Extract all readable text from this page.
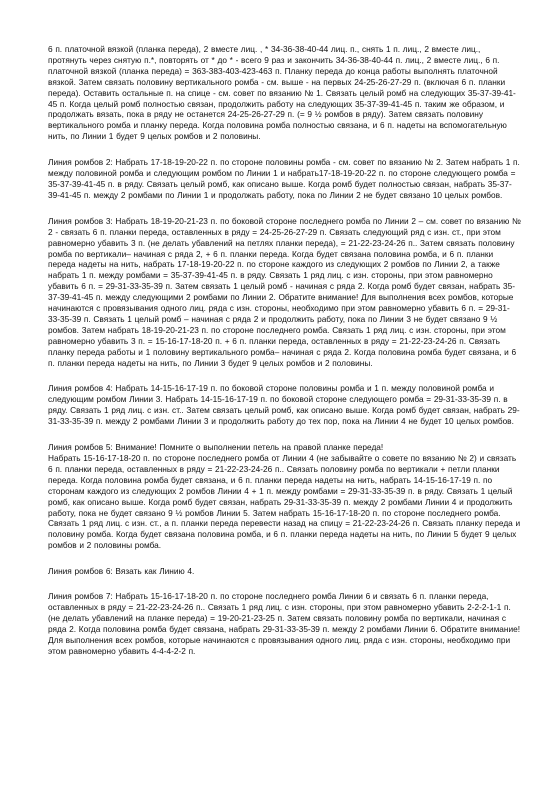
6 п. платочной вязкой (планка переда), 2 вместе лиц. , * 34-36-38-40-44 лиц. п., снять 1 п. лиц., 2 вместе лиц., протянуть через снятую п.*, повторять от * до * - всего 9 раз и закончить 34-36-38-40-44 п. лиц., 2 вместе лиц., 6 п. платочной вязкой (планка переда) = 363-383-403-423-463 п. Планку переда до конца работы выполнять платочной вязкой. Затем связать половину вертикального ромба - см. выше - на первых 24-25-26-27-29 п. (включая 6 п. планки переда). Оставить остальные п. на спице - см. совет по вязанию № 1. Связать целый ромб на следующих 35-37-39-41-45 п. Когда целый ромб полностью связан, продолжить работу на следующих 35-37-39-41-45 п. таким же образом, и продолжать вязать, пока в ряду не останется 24-25-26-27-29 п. (= 9 ½ ромбов в ряду). Затем связать половину вертикального ромба и планку переда. Когда половина ромба полностью связана, и 6 п. надеты на вспомогательную нить, по Линии 1 будет 9 целых ромбов и 2 половины.

Линия ромбов 2: Набрать 17-18-19-20-22 п. по стороне половины ромба - см. совет по вязанию № 2. Затем набрать 1 п. между половиной ромба и следующим ромбом по Линии 1 и набрать17-18-19-20-22 п. по стороне следующего ромба = 35-37-39-41-45 п. в ряду. Связать целый ромб, как описано выше. Когда ромб будет полностью связан, набрать 35-37-39-41-45 п. между 2 ромбами по Линии 1 и продолжать работу, пока по Линии 2 не будет связано 10 целых ромбов.

Линия ромбов 3: Набрать 18-19-20-21-23 п. по боковой стороне последнего ромба по Линии 2 – см. совет по вязанию № 2 - связать 6 п. планки переда, оставленных в ряду = 24-25-26-27-29 п. Связать следующий ряд с изн. ст., при этом равномерно убавить 3 п. (не делать убавлений на петлях планки переда), = 21-22-23-24-26 п.. Затем связать половину ромба по вертикали– начиная с ряда 2, + 6 п. планки переда. Когда будет связана половина ромба, и 6 п. планки переда надеты на нить, набрать 17-18-19-20-22 п. по стороне каждого из следующих 2 ромбов по Линии 2, а также набрать 1 п. между ромбами = 35-37-39-41-45 п. в ряду. Связать 1 ряд лиц. с изн. стороны, при этом равномерно убавить 6 п. = 29-31-33-35-39 п. Затем связать 1 целый ромб - начиная с ряда 2. Когда ромб будет связан, набрать 35-37-39-41-45 п. между следующими 2 ромбами по Линии 2. Обратите внимание! Для выполнения всех ромбов, которые начинаются с провязывания одного лиц. ряда с изн. стороны, необходимо при этом равномерно убавить 6 п. = 29-31-33-35-39 п. Связать 1 целый ромб – начиная с ряда 2 и продолжить работу, пока по Линии 3 не будет связано 9 ½ ромбов. Затем набрать 18-19-20-21-23 п. по стороне последнего ромба. Связать 1 ряд лиц. с изн. стороны, при этом равномерно убавить 3 п. = 15-16-17-18-20 п. + 6 п. планки переда, оставленных в ряду = 21-22-23-24-26 п. Связать планку переда работы и 1 половину вертикального ромба– начиная с ряда 2. Когда половина ромба будет связана, и 6 п. планки переда надеты на нить, по Линии 3 будет 9 целых ромбов и 2 половины.

Линия ромбов 4: Набрать 14-15-16-17-19 п. по боковой стороне половины ромба и 1 п. между половиной ромба и следующим ромбом Линии 3. Набрать 14-15-16-17-19 п. по боковой стороне следующего ромба = 29-31-33-35-39 п. в ряду. Связать 1 ряд лиц. с изн. ст.. Затем связать целый ромб, как описано выше. Когда ромб будет связан, набрать 29-31-33-35-39 п. между 2 ромбами Линии 3 и продолжить работу до тех пор, пока на Линии 4 не будет 10 целых ромбов.

Линия ромбов 5: Внимание! Помните о выполнении петель на правой планке переда!
Набрать 15-16-17-18-20 п. по стороне последнего ромба от Линии 4 (не забывайте о совете по вязанию № 2) и связать 6 п. планки переда, оставленных в ряду = 21-22-23-24-26 п.. Связать половину ромба по вертикали + петли планки переда. Когда половина ромба будет связана, и 6 п. планки переда надеты на нить, набрать 14-15-16-17-19 п. по сторонам каждого из следующих 2 ромбов Линии 4 + 1 п. между ромбами = 29-31-33-35-39 п. в ряду. Связать 1 целый ромб, как описано выше. Когда ромб будет связан, набрать 29-31-33-35-39 п. между 2 ромбами Линии 4 и продолжить работу, пока не будет связано 9 ½ ромбов Линии 5. Затем набрать 15-16-17-18-20 п. по стороне последнего ромба. Связать 1 ряд лиц. с изн. ст., а п. планки переда перевести назад на спицу = 21-22-23-24-26 п. Связать планку переда и половину ромба. Когда будет связана половина ромба, и 6 п. планки переда надеты на нить, по Линии 5 будет 9 целых ромбов и 2 половины ромба.

Линия ромбов 6: Вязать как Линию 4.

Линия ромбов 7: Набрать 15-16-17-18-20 п. по стороне последнего ромба Линии 6 и связать 6 п. планки переда, оставленных в ряду = 21-22-23-24-26 п.. Связать 1 ряд лиц. с изн. стороны, при этом равномерно убавить 2-2-2-1-1 п. (не делать убавлений на планке переда) = 19-20-21-23-25 п. Затем связать половину ромба по вертикали, начиная с ряда 2. Когда половина ромба будет связана, набрать 29-31-33-35-39 п. между 2 ромбами Линии 6. Обратите внимание! Для выполнения всех ромбов, которые начинаются с провязывания одного лиц. ряда с изн. стороны, необходимо при этом равномерно убавить 4-4-4-2-2 п.
